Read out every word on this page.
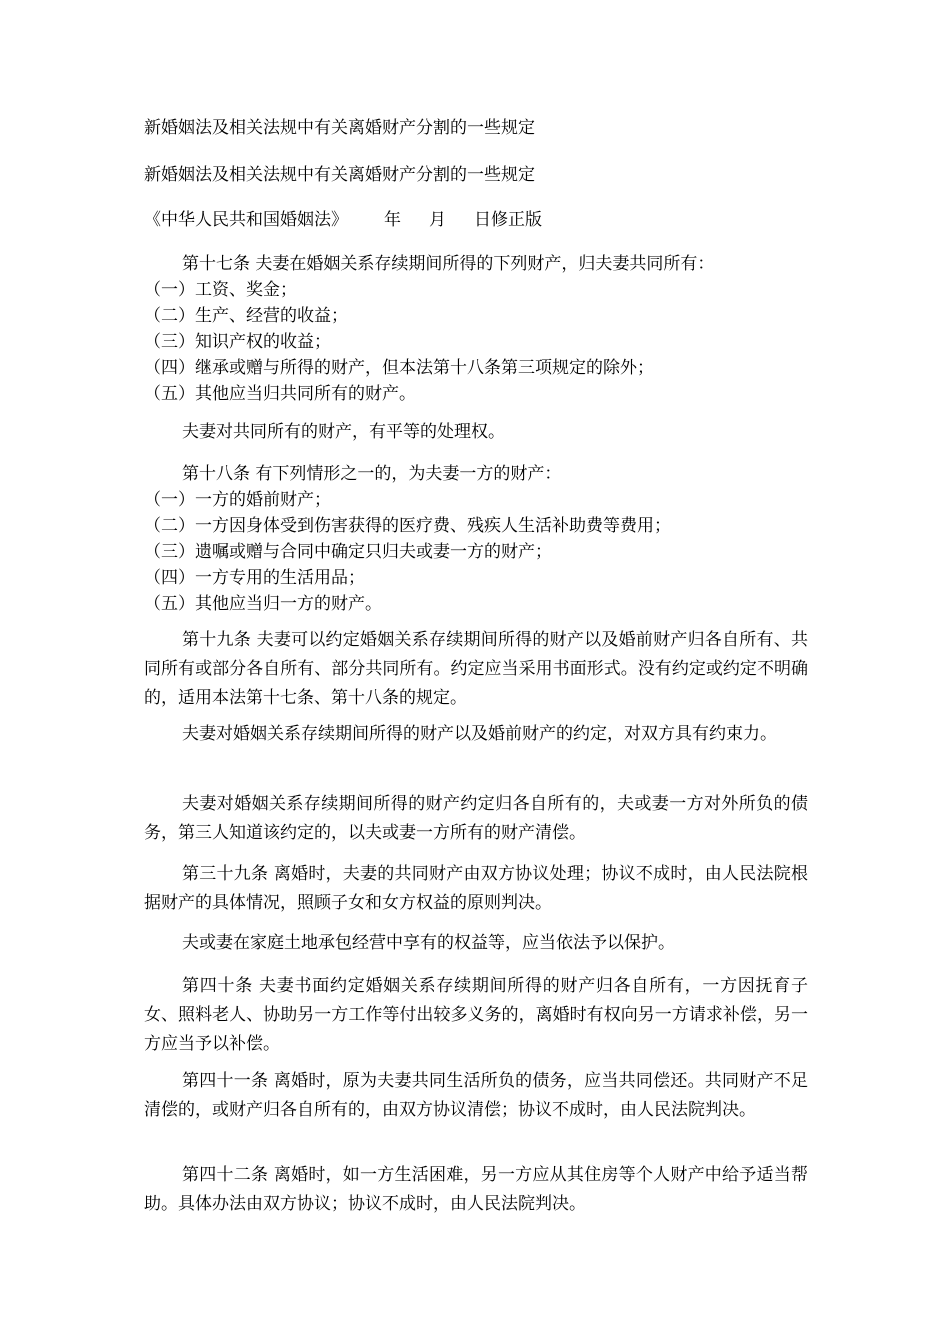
新婚姻法及相关法规中有关离婚财产分割的一些规定
新婚姻法及相关法规中有关离婚财产分割的一些规定
《中华人民共和国婚姻法》 年 月 日修正版
第十七条 夫妻在婚姻关系存续期间所得的下列财产，归夫妻共同所有：
（一）工资、奖金；
（二）生产、经营的收益；
（三）知识产权的收益；
（四）继承或赠与所得的财产，但本法第十八条第三项规定的除外；
（五）其他应当归共同所有的财产。

夫妻对共同所有的财产，有平等的处理权。

第十八条 有下列情形之一的，为夫妻一方的财产：
（一）一方的婚前财产；
（二）一方因身体受到伤害获得的医疗费、残疾人生活补助费等费用；
（三）遗嘱或赠与合同中确定只归夫或妻一方的财产；
（四）一方专用的生活用品；
（五）其他应当归一方的财产。

第十九条 夫妻可以约定婚姻关系存续期间所得的财产以及婚前财产归各自所有、共同所有或部分各自所有、部分共同所有。约定应当采用书面形式。没有约定或约定不明确的，适用本法第十七条、第十八条的规定。

夫妻对婚姻关系存续期间所得的财产以及婚前财产的约定，对双方具有约束力。

夫妻对婚姻关系存续期间所得的财产约定归各自所有的，夫或妻一方对外所负的债务，第三人知道该约定的，以夫或妻一方所有的财产清偿。

第三十九条 离婚时，夫妻的共同财产由双方协议处理；协议不成时，由人民法院根据财产的具体情况，照顾子女和女方权益的原则判决。

夫或妻在家庭土地承包经营中享有的权益等，应当依法予以保护。

第四十条 夫妻书面约定婚姻关系存续期间所得的财产归各自所有，一方因抚育子女、照料老人、协助另一方工作等付出较多义务的，离婚时有权向另一方请求补偿，另一方应当予以补偿。

第四十一条 离婚时，原为夫妻共同生活所负的债务，应当共同偿还。共同财产不足清偿的，或财产归各自所有的，由双方协议清偿；协议不成时，由人民法院判决。

第四十二条 离婚时，如一方生活困难，另一方应从其住房等个人财产中给予适当帮助。具体办法由双方协议；协议不成时，由人民法院判决。
